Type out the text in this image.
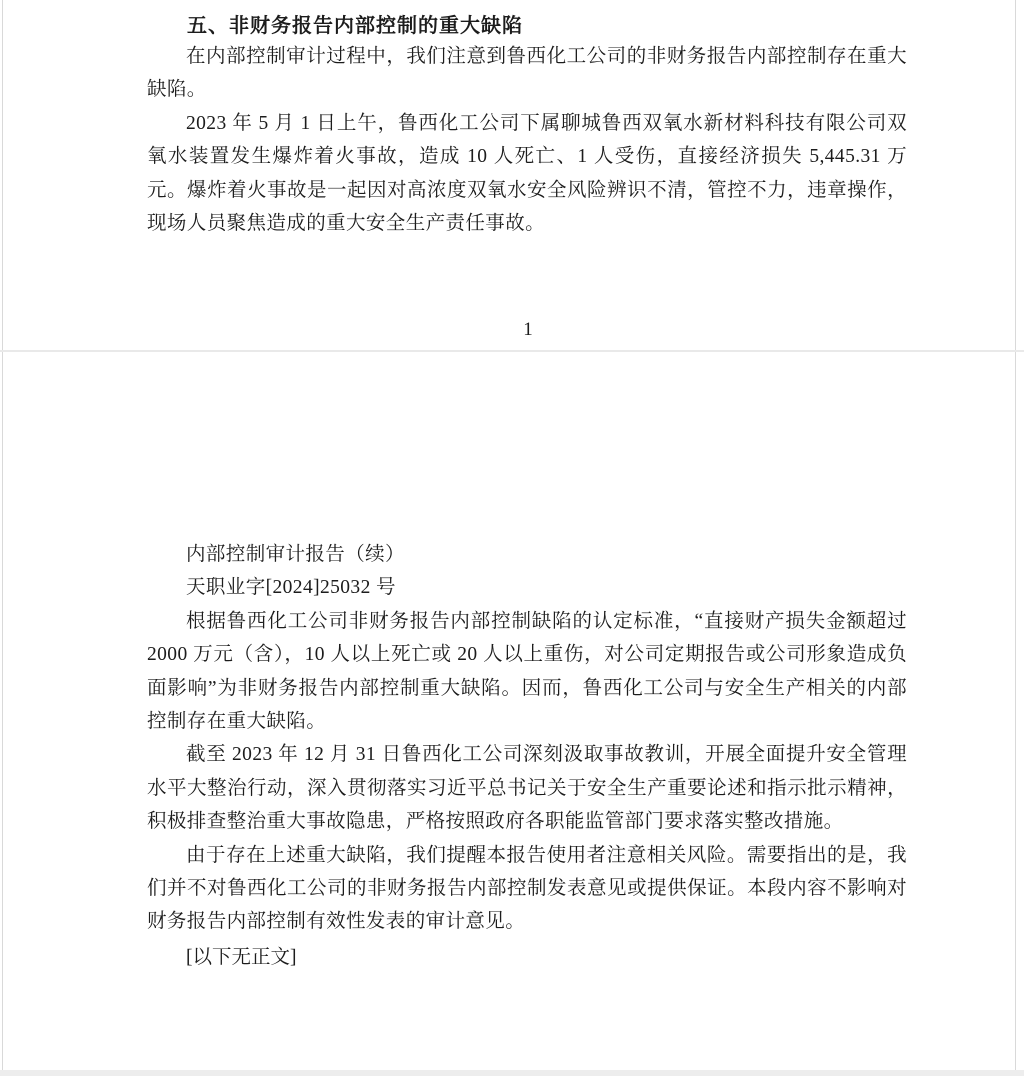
五、非财务报告内部控制的重大缺陷

在内部控制审计过程中，我们注意到鲁西化工公司的非财务报告内部控制存在重大缺陷。

2023 年 5 月 1 日上午，鲁西化工公司下属聊城鲁西双氧水新材料科技有限公司双氧水装置发生爆炸着火事故，造成 10 人死亡、1 人受伤，直接经济损失 5,445.31 万元。爆炸着火事故是一起因对高浓度双氧水安全风险辨识不清，管控不力，违章操作，现场人员聚焦造成的重大安全生产责任事故。

1

内部控制审计报告（续）

天职业字[2024]25032 号

根据鲁西化工公司非财务报告内部控制缺陷的认定标准，“直接财产损失金额超过 2000 万元（含），10 人以上死亡或 20 人以上重伤，对公司定期报告或公司形象造成负面影响”为非财务报告内部控制重大缺陷。因而，鲁西化工公司与安全生产相关的内部控制存在重大缺陷。

截至 2023 年 12 月 31 日鲁西化工公司深刻汲取事故教训，开展全面提升安全管理水平大整治行动，深入贯彻落实习近平总书记关于安全生产重要论述和指示批示精神，积极排查整治重大事故隐患，严格按照政府各职能监管部门要求落实整改措施。

由于存在上述重大缺陷，我们提醒本报告使用者注意相关风险。需要指出的是，我们并不对鲁西化工公司的非财务报告内部控制发表意见或提供保证。本段内容不影响对财务报告内部控制有效性发表的审计意见。

[以下无正文]
